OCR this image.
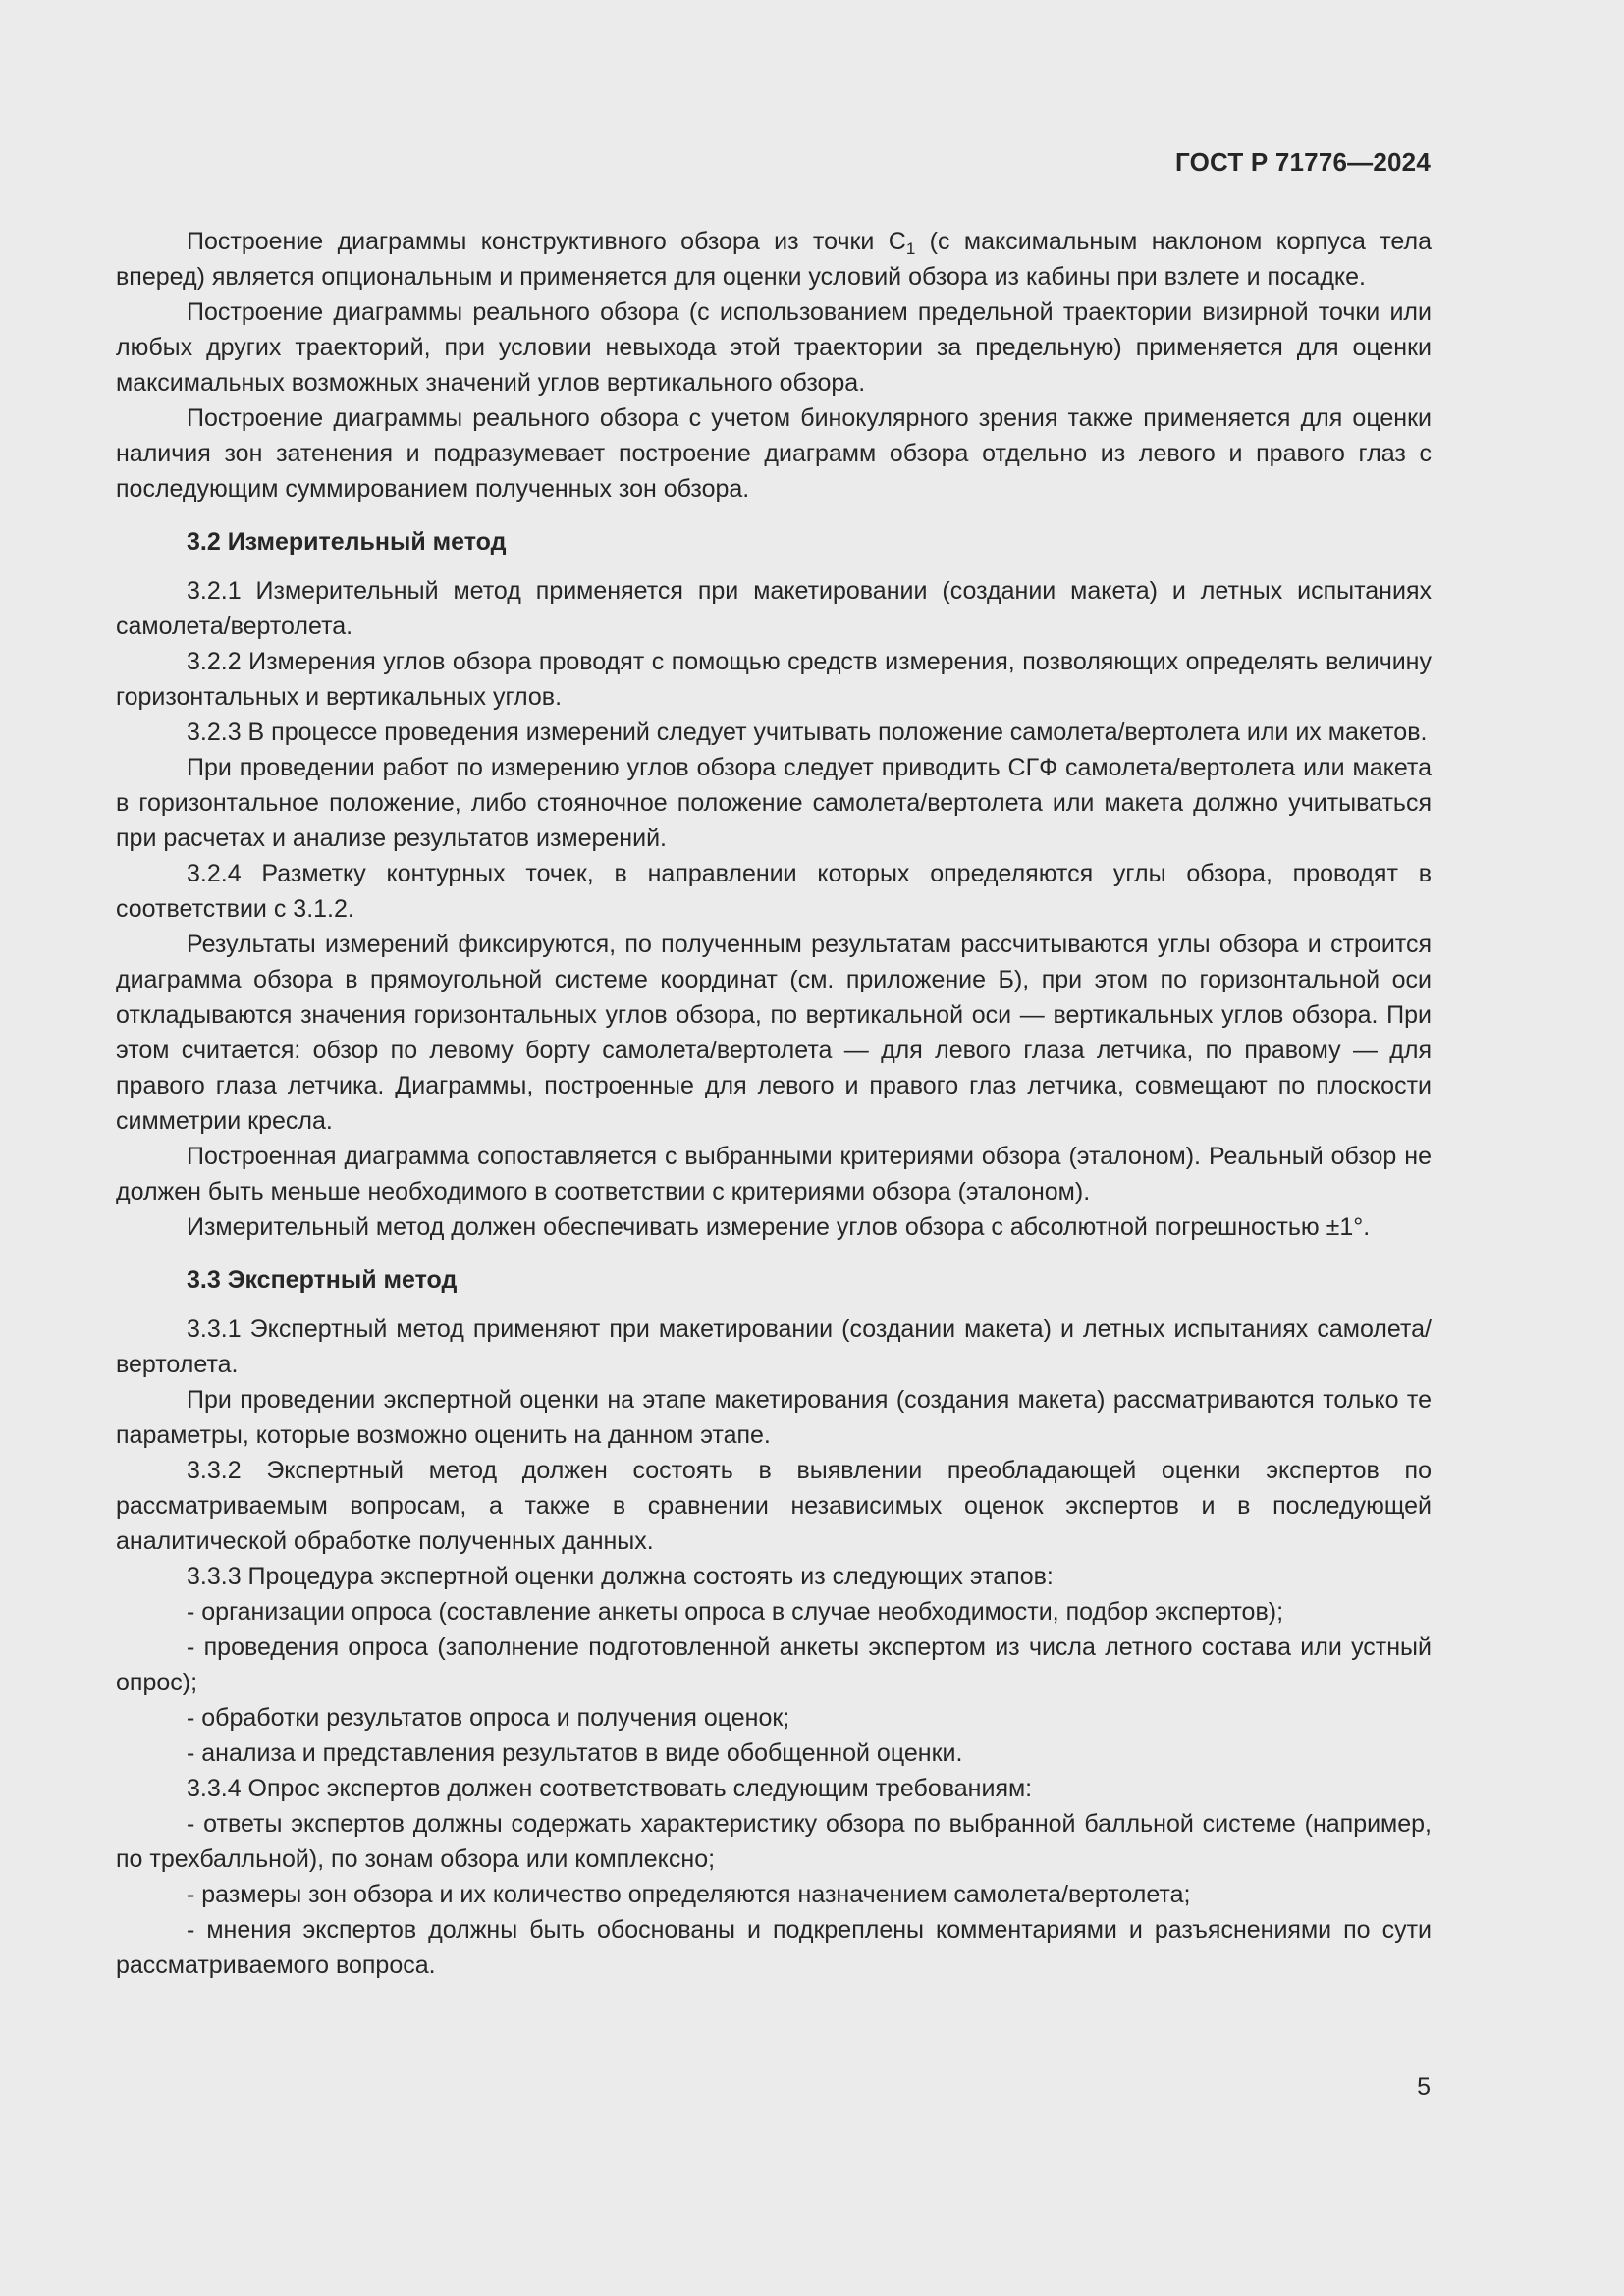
ГОСТ Р 71776—2024

Построение диаграммы конструктивного обзора из точки $С_1$ (с максимальным наклоном корпуса тела вперед) является опциональным и применяется для оценки условий обзора из кабины при взлете и посадке.

Построение диаграммы реального обзора (с использованием предельной траектории визирной точки или любых других траекторий, при условии невыхода этой траектории за предельную) применяется для оценки максимальных возможных значений углов вертикального обзора.

Построение диаграммы реального обзора с учетом бинокулярного зрения также применяется для оценки наличия зон затенения и подразумевает построение диаграмм обзора отдельно из левого и правого глаз с последующим суммированием полученных зон обзора.

3.2 Измерительный метод

3.2.1 Измерительный метод применяется при макетировании (создании макета) и летных испытаниях самолета/вертолета.

3.2.2 Измерения углов обзора проводят с помощью средств измерения, позволяющих определять величину горизонтальных и вертикальных углов.

3.2.3 В процессе проведения измерений следует учитывать положение самолета/вертолета или их макетов.

При проведении работ по измерению углов обзора следует приводить СГФ самолета/вертолета или макета в горизонтальное положение, либо стояночное положение самолета/вертолета или макета должно учитываться при расчетах и анализе результатов измерений.

3.2.4 Разметку контурных точек, в направлении которых определяются углы обзора, проводят в соответствии с 3.1.2.

Результаты измерений фиксируются, по полученным результатам рассчитываются углы обзора и строится диаграмма обзора в прямоугольной системе координат (см. приложение Б), при этом по горизонтальной оси откладываются значения горизонтальных углов обзора, по вертикальной оси — вертикальных углов обзора. При этом считается: обзор по левому борту самолета/вертолета — для левого глаза летчика, по правому — для правого глаза летчика. Диаграммы, построенные для левого и правого глаз летчика, совмещают по плоскости симметрии кресла.

Построенная диаграмма сопоставляется с выбранными критериями обзора (эталоном). Реальный обзор не должен быть меньше необходимого в соответствии с критериями обзора (эталоном).

Измерительный метод должен обеспечивать измерение углов обзора с абсолютной погрешностью ±1°.

3.3 Экспертный метод

3.3.1 Экспертный метод применяют при макетировании (создании макета) и летных испытаниях самолета/вертолета.

При проведении экспертной оценки на этапе макетирования (создания макета) рассматриваются только те параметры, которые возможно оценить на данном этапе.

3.3.2 Экспертный метод должен состоять в выявлении преобладающей оценки экспертов по рассматриваемым вопросам, а также в сравнении независимых оценок экспертов и в последующей аналитической обработке полученных данных.

3.3.3 Процедура экспертной оценки должна состоять из следующих этапов:

- организации опроса (составление анкеты опроса в случае необходимости, подбор экспертов);

- проведения опроса (заполнение подготовленной анкеты экспертом из числа летного состава или устный опрос);

- обработки результатов опроса и получения оценок;

- анализа и представления результатов в виде обобщенной оценки.

3.3.4 Опрос экспертов должен соответствовать следующим требованиям:

- ответы экспертов должны содержать характеристику обзора по выбранной балльной системе (например, по трехбалльной), по зонам обзора или комплексно;

- размеры зон обзора и их количество определяются назначением самолета/вертолета;

- мнения экспертов должны быть обоснованы и подкреплены комментариями и разъяснениями по сути рассматриваемого вопроса.

5
